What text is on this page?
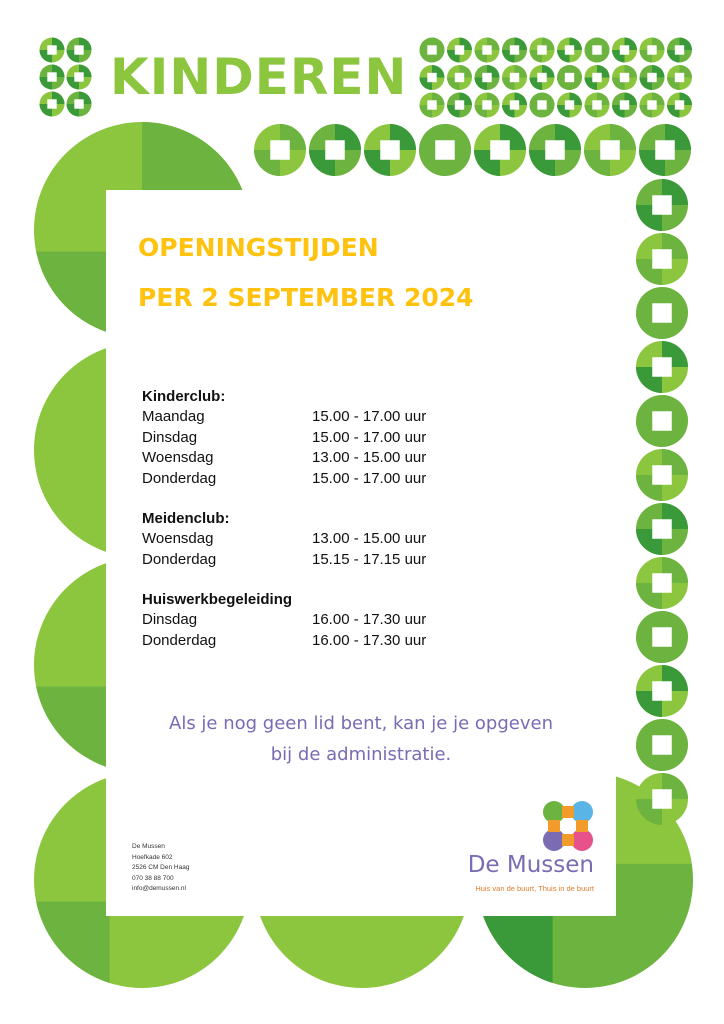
KINDEREN
OPENINGSTIJDEN
PER 2 SEPTEMBER 2024
Kinderclub:
Maandag	15.00 - 17.00 uur
Dinsdag	15.00 - 17.00 uur
Woensdag	13.00 - 15.00 uur
Donderdag	15.00 - 17.00 uur
Meidenclub:
Woensdag	13.00 - 15.00 uur
Donderdag	15.15 - 17.15 uur
Huiswerkbegeleiding
Dinsdag	16.00 - 17.30 uur
Donderdag	16.00 - 17.30 uur
Als je nog geen lid bent, kan je je opgeven
bij de administratie.
De Mussen
Hoefkade 602
2526 CM Den Haag
070 38 88 700
info@demussen.nl
De Mussen
Huis van de buurt, Thuis in de buurt
